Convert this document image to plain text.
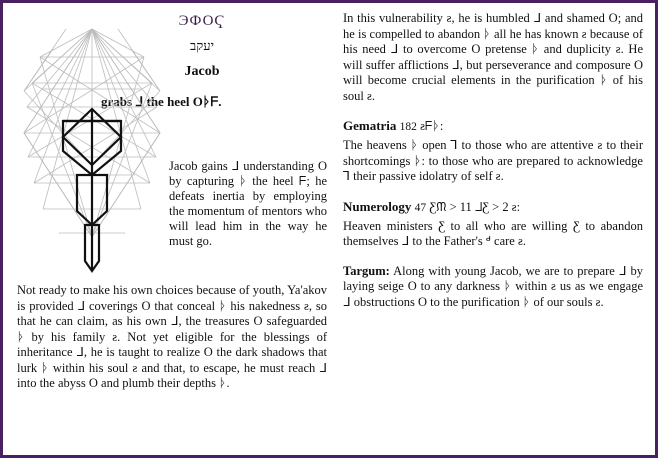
ЭФОҀ
יעקב
Jacob
grabs ᒧ the heel Oᚦᖴ.
Jacob gains ᒧ understanding O by capturing ᚦ the heel ᖴ; he defeats inertia by employing the momentum of mentors who will lead him in the way he must go.
Not ready to make his own choices because of youth, Ya'akov is provided ᒧ coverings O that conceal ᚦ his nakedness ƨ, so that he can claim, as his own ᒧ, the treasures O safeguarded ᚦ by his family ƨ. Not yet eligible for the blessings of inheritance ᒧ, he is taught to realize O the dark shadows that lurk ᚦ within his soul ƨ and that, to escape, he must reach ᒧ into the abyss O and plumb their depths ᚦ.

In this vulnerability ƨ, he is humbled ᒧ and shamed O; and he is compelled to abandon ᚦ all he has known ƨ because of his need ᒧ to overcome O pretense ᚦ and duplicity ƨ. He will suffer afflictions ᒧ, but perseverance and composure O will become crucial elements in the purification ᚦ of his soul ƨ.

Gematria 182 ƨᖴᚦ:

The heavens ᚦ open ⅂ to those who are attentive ƨ to their shortcomings ᚦ: to those who are prepared to acknowledge ⅂ their passive idolatry of self ƨ.

Numerology 47 Ƹᙏ > 11 ᒧƸ > 2 ƨ:

Heaven ministers Ƹ to all who are willing Ƹ to abandon themselves ᒧ to the Father's ᒄ care ƨ.

Targum: Along with young Jacob, we are to prepare ᒧ by laying seige O to any darkness ᚦ within ƨ us as we engage ᒧ obstructions O to the purification ᚦ of our souls ƨ.
